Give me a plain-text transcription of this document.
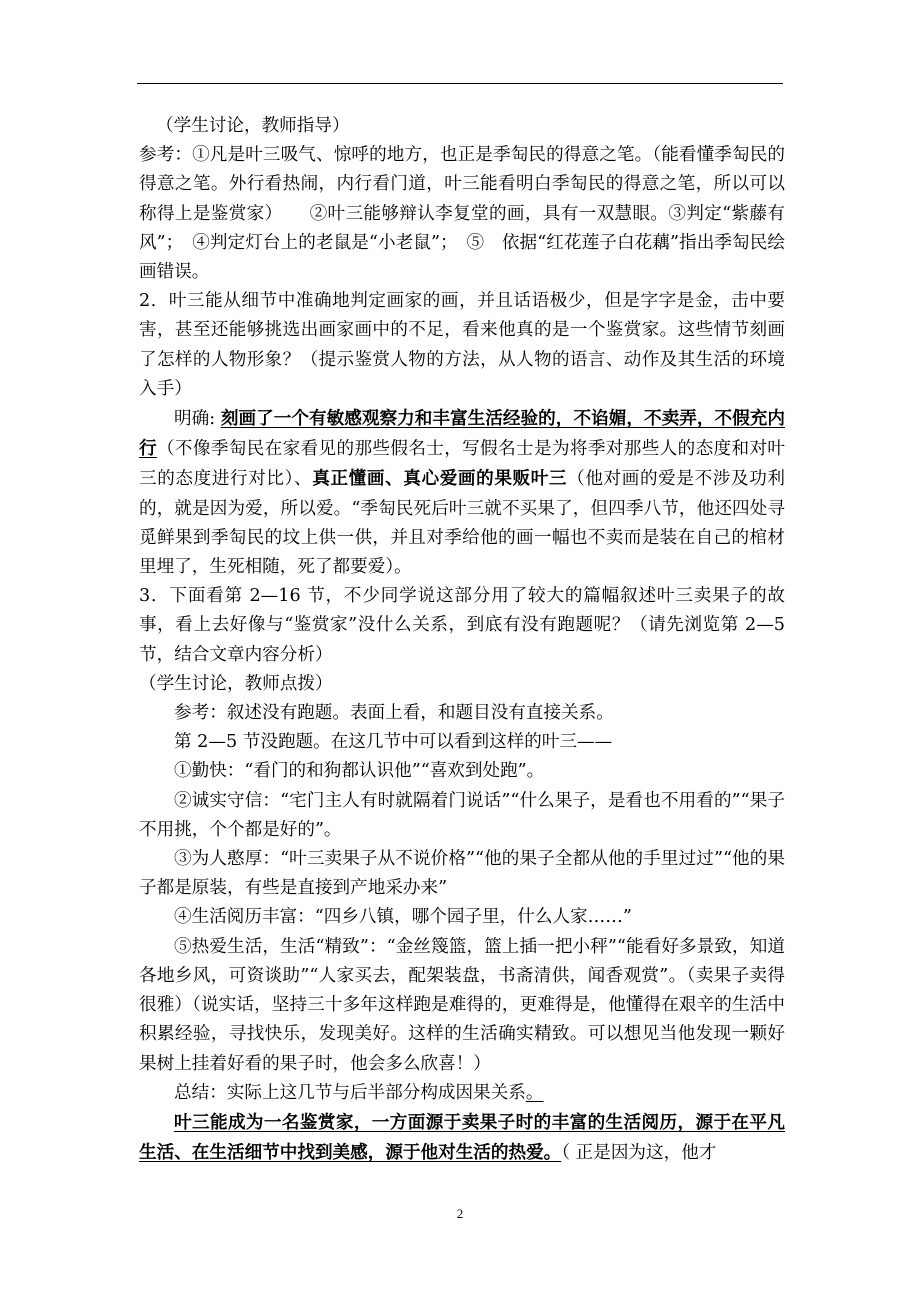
（学生讨论，教师指导）

参考：①凡是叶三吸气、惊呼的地方，也正是季匋民的得意之笔。（能看懂季匋民的得意之笔。外行看热闹，内行看门道，叶三能看明白季匋民的得意之笔，所以可以称得上是鉴赏家）　　②叶三能够辩认李复堂的画，具有一双慧眼。③判定“紫藤有风”；　④判定灯台上的老鼠是“小老鼠”；　⑤　依据“红花莲子白花藕”指出季匋民绘画错误。

2．叶三能从细节中准确地判定画家的画，并且话语极少，但是字字是金，击中要害，甚至还能够挑选出画家画中的不足，看来他真的是一个鉴赏家。这些情节刻画了怎样的人物形象？（提示鉴赏人物的方法，从人物的语言、动作及其生活的环境入手）

明确: 刻画了一个有敏感观察力和丰富生活经验的，不谄媚，不卖弄，不假充内行（不像季匋民在家看见的那些假名士，写假名士是为将季对那些人的态度和对叶三的态度进行对比）、真正懂画、真心爱画的果贩叶三（他对画的爱是不涉及功利的，就是因为爱，所以爱。“季匋民死后叶三就不买果了，但四季八节，他还四处寻觅鲜果到季匋民的坟上供一供，并且对季给他的画一幅也不卖而是装在自己的棺材里埋了，生死相随，死了都要爱）。

3．下面看第 2—16 节，不少同学说这部分用了较大的篇幅叙述叶三卖果子的故事，看上去好像与“鉴赏家”没什么关系，到底有没有跑题呢？（请先浏览第 2—5 节，结合文章内容分析）

（学生讨论，教师点拨）

参考：叙述没有跑题。表面上看，和题目没有直接关系。

第 2—5 节没跑题。在这几节中可以看到这样的叶三——

①勤快：“看门的和狗都认识他”“喜欢到处跑”。

②诚实守信：“宅门主人有时就隔着门说话”“什么果子，是看也不用看的”“果子不用挑，个个都是好的”。

③为人憨厚：“叶三卖果子从不说价格”“他的果子全都从他的手里过过”“他的果子都是原装，有些是直接到产地采办来”

④生活阅历丰富：“四乡八镇，哪个园子里，什么人家……”

⑤热爱生活，生活“精致”：“金丝篾篮，篮上插一把小秤”“能看好多景致，知道各地乡风，可资谈助”“人家买去，配架装盘，书斋清供，闻香观赏”。（卖果子卖得很雅）（说实话，坚持三十多年这样跑是难得的，更难得是，他懂得在艰辛的生活中积累经验，寻找快乐，发现美好。这样的生活确实精致。可以想见当他发现一颗好果树上挂着好看的果子时，他会多么欣喜！）

总结：实际上这几节与后半部分构成因果关系。

叶三能成为一名鉴赏家，一方面源于卖果子时的丰富的生活阅历，源于在平凡生活、在生活细节中找到美感，源于他对生活的热爱。（ 正是因为这，他才

2
